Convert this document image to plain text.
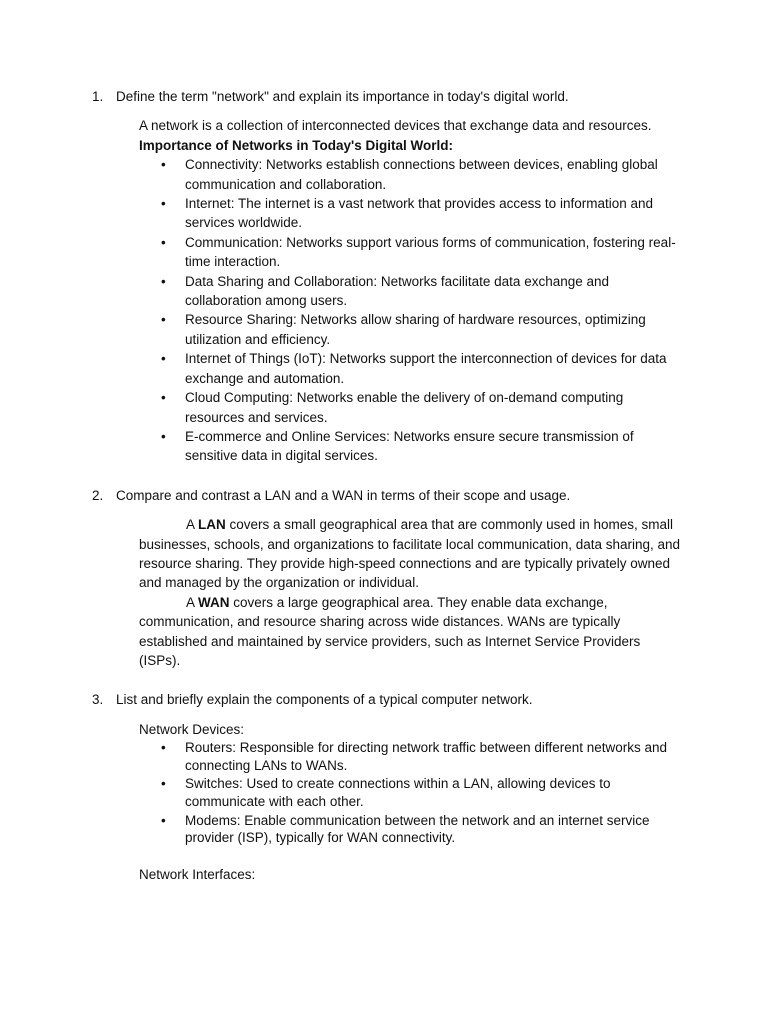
1. Define the term "network" and explain its importance in today's digital world.
A network is a collection of interconnected devices that exchange data and resources.
Importance of Networks in Today's Digital World:
• Connectivity: Networks establish connections between devices, enabling global communication and collaboration.
• Internet: The internet is a vast network that provides access to information and services worldwide.
• Communication: Networks support various forms of communication, fostering real-time interaction.
• Data Sharing and Collaboration: Networks facilitate data exchange and collaboration among users.
• Resource Sharing: Networks allow sharing of hardware resources, optimizing utilization and efficiency.
• Internet of Things (IoT): Networks support the interconnection of devices for data exchange and automation.
• Cloud Computing: Networks enable the delivery of on-demand computing resources and services.
• E-commerce and Online Services: Networks ensure secure transmission of sensitive data in digital services.
2. Compare and contrast a LAN and a WAN in terms of their scope and usage.
A LAN covers a small geographical area that are commonly used in homes, small businesses, schools, and organizations to facilitate local communication, data sharing, and resource sharing. They provide high-speed connections and are typically privately owned and managed by the organization or individual.
A WAN covers a large geographical area. They enable data exchange, communication, and resource sharing across wide distances. WANs are typically established and maintained by service providers, such as Internet Service Providers (ISPs).
3. List and briefly explain the components of a typical computer network.
Network Devices:
• Routers: Responsible for directing network traffic between different networks and connecting LANs to WANs.
• Switches: Used to create connections within a LAN, allowing devices to communicate with each other.
• Modems: Enable communication between the network and an internet service provider (ISP), typically for WAN connectivity.
Network Interfaces:
